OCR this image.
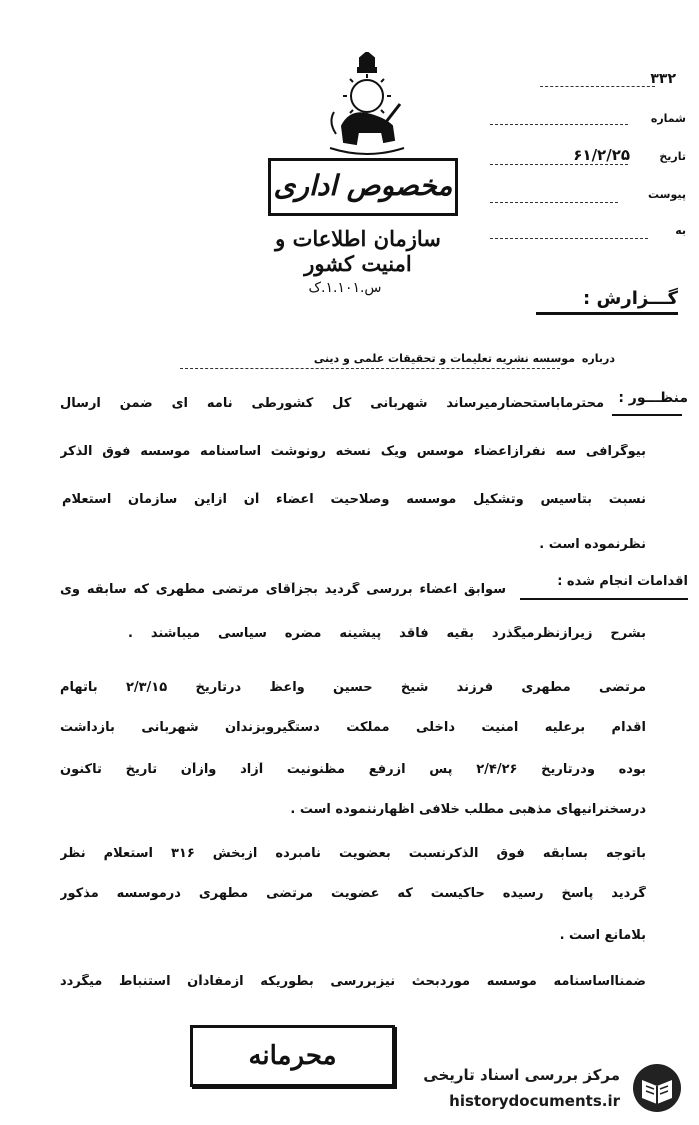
۳۳۲
شماره
تاریخ
۶۱/۲/۲۵
پیوست
به
مخصوص اداری
سازمان اطلاعات و امنیت کشور
س.۱.۱۰۱.ک	گـــزارش :
درباره
موسسه نشریه تعلیمات و تحقیقات علمی و دینی
منظـــور :
محترماباستحضارمیرساند شهربانی کل کشورطی نامه ای ضمن ارسال
بیوگرافی سه نفرازاعضاء موسس ویک نسخه رونوشت اساسنامه موسسه فوق الذکر
نسبت بتاسیس وتشکیل موسسه وصلاحیت اعضاء آن ازاین سازمان استعلام
نظرنموده است .
اقدامات انجام شده :
سوابق اعضاء بررسی گردید بجزآقای مرتضی مطهری که سابقه وی
بشرح زیرازنظرمیگذرد بقیه فاقد پیشینه مضره سیاسی میباشند .
مرتضی مطهری فرزند شیخ حسین واعظ درتاریخ ۲/۳/۱۵ باتهام
اقدام برعلیه امنیت داخلی مملکت دستگیروبزندان شهربانی بازداشت
بوده ودرتاریخ ۲/۴/۲۶ پس ازرفع مظنونیت آزاد وازآن تاریخ تاکنون
درسخنرانیهای مذهبی مطلب خلافی اظهارننموده است .
باتوجه بسابقه فوق الذکرنسبت بعضویت نامبرده ازبخش ۳۱۶ استعلام نظر
گردید پاسخ رسیده حاکیست که عضویت مرتضی مطهری درموسسه مذکور
بلامانع است .
ضمنااساسنامه موسسه موردبحث نیزبررسی بطوریکه ازمفادآن استنباط میگردد
محرمانه
مرکز بررسی اسناد تاریخی
historydocuments.ir
